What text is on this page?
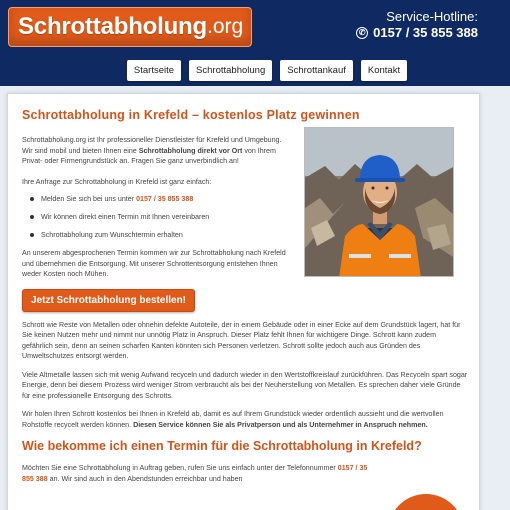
Schrottabholung .org	Service-Hotline:
✆ 0157 / 35 855 388
Startseite	Schrottabholung	Schrottankauf	Kontakt
Schrottabholung in Krefeld – kostenlos Platz gewinnen

Schrottabholung.org ist Ihr professioneller Dienstleister für Krefeld und Umgebung. Wir sind mobil und bieten Ihnen eine Schrottabholung direkt vor Ort von Ihrem Privat- oder Firmengrundstück an. Fragen Sie ganz unverbindlich an!

Ihre Anfrage zur Schrottabholung in Krefeld ist ganz einfach:

Melden Sie sich bei uns unter 0157 / 35 855 388
Wir können direkt einen Termin mit Ihnen vereinbaren
Schrottabholung zum Wunschtermin erhalten

An unserem abgesprochenen Termin kommen wir zur Schrottabholung nach Krefeld und übernehmen die Entsorgung. Mit unserer Schrottentsorgung entstehen Ihnen weder Kosten noch Mühen.

Jetzt Schrottabholung bestellen!

Schrott wie Reste von Metallen oder ohnehin defekte Autoteile, der in einem Gebäude oder in einer Ecke auf dem Grundstück lagert, hat für Sie keinen Nutzen mehr und nimmt nur unnötig Platz in Anspruch. Dieser Platz fehlt Ihnen für wichtigere Dinge. Schrott kann zudem gefährlich sein, denn an seinen scharfen Kanten könnten sich Personen verletzen. Schrott sollte jedoch auch aus Gründen des Umweltschutzes entsorgt werden.

Viele Altmetalle lassen sich mit wenig Aufwand recyceln und dadurch wieder in den Wertstoffkreislauf zurückführen. Das Recyceln spart sogar Energie, denn bei diesem Prozess wird weniger Strom verbraucht als bei der Neuherstellung von Metallen. Es sprechen daher viele Gründe für eine professionelle Entsorgung des Schrotts.

Wir holen Ihren Schrott kostenlos bei Ihnen in Krefeld ab, damit es auf Ihrem Grundstück wieder ordentlich aussieht und die wertvollen Rohstoffe recycelt werden können. Diesen Service können Sie als Privatperson und als Unternehmer in Anspruch nehmen.

Wie bekomme ich einen Termin für die Schrottabholung in Krefeld?

Möchten Sie eine Schrottabholung in Auftrag geben, rufen Sie uns einfach unter der Telefonnummer 0157 / 35 855 388 an. Wir sind auch in den Abendstunden erreichbar und haben
